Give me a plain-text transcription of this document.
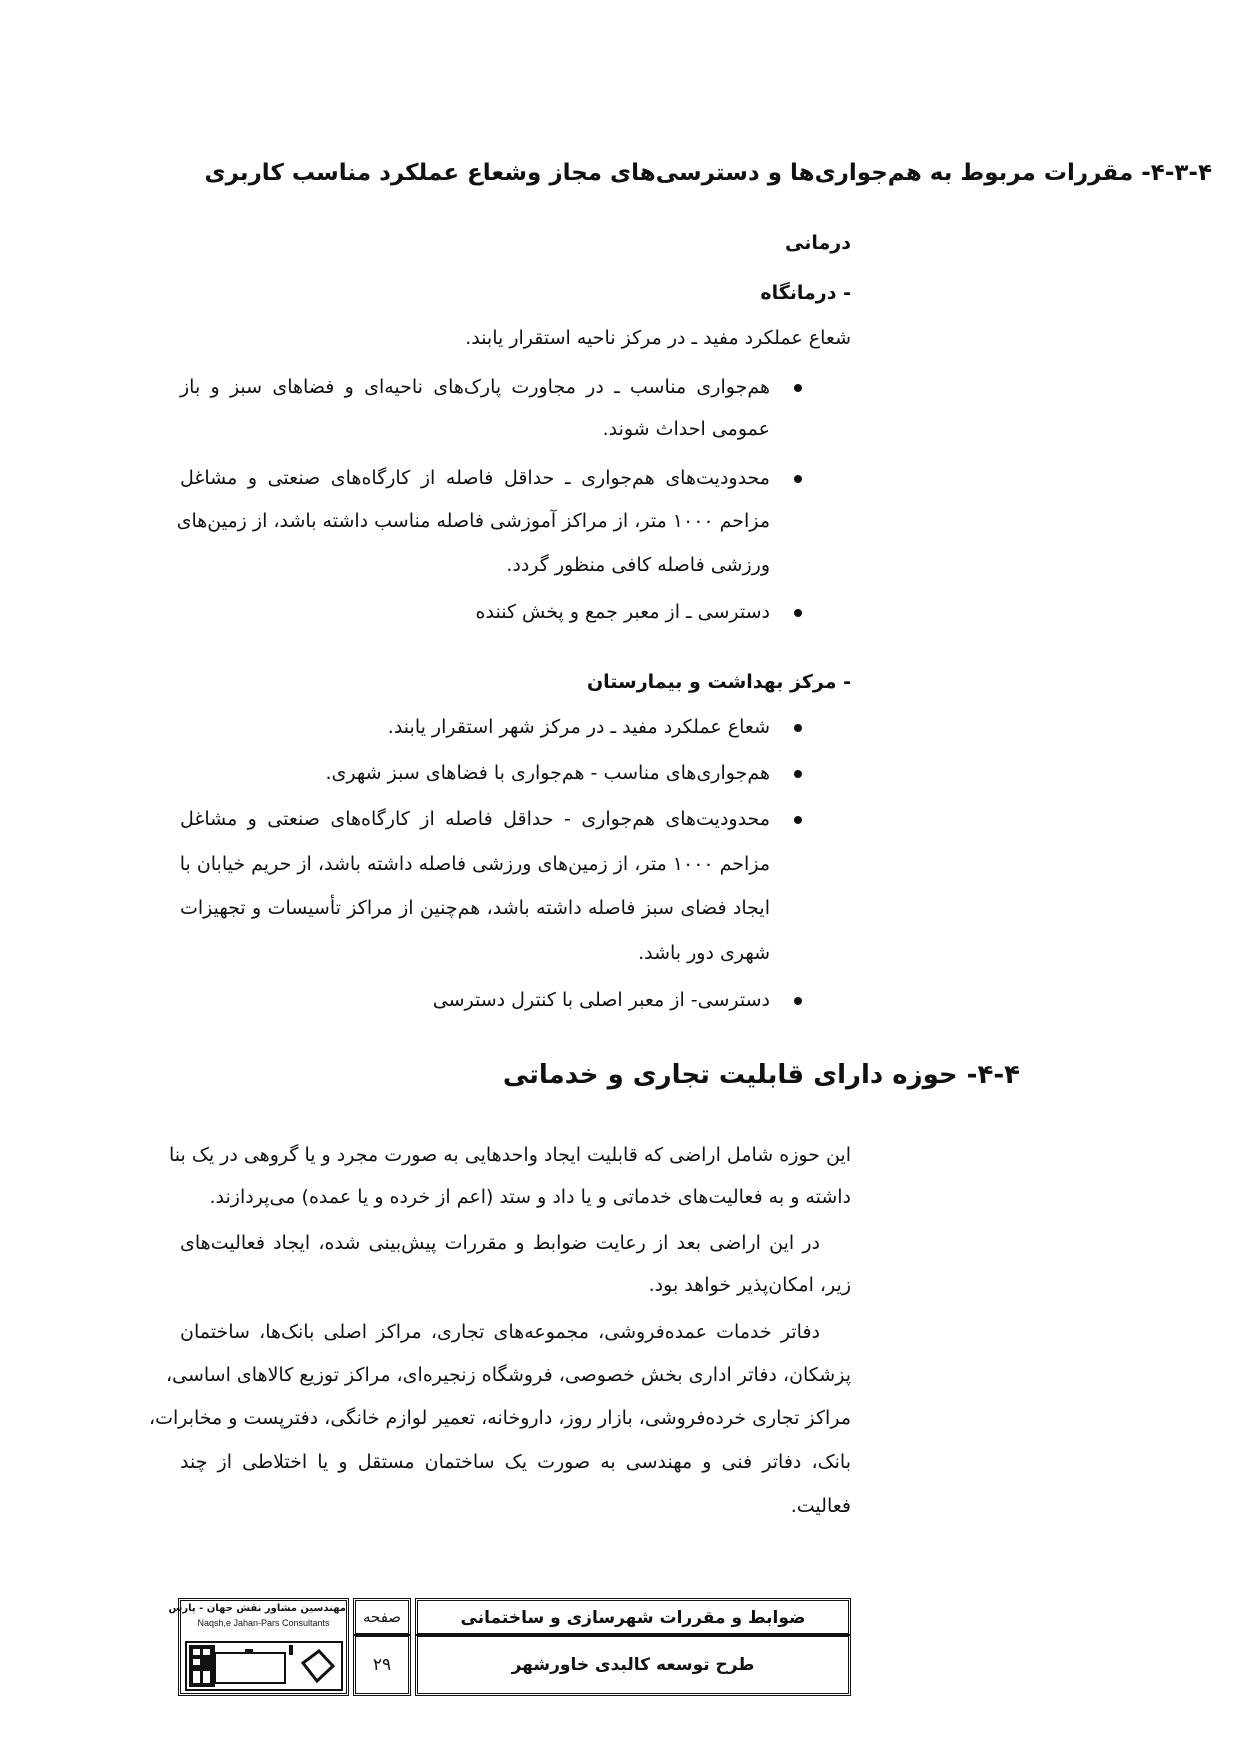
۴-۳-۴- مقررات مربوط به هم‌جواری‌ها و دسترسی‌های مجاز وشعاع عملکرد مناسب کاربری
درمانی
- درمانگاه
شعاع عملکرد مفید ـ در مرکز ناحیه استقرار یابند.
هم‌جواری مناسب ـ در مجاورت پارک‌های ناحیه‌ای و فضاهای سبز و باز
عمومی احداث شوند.
محدودیت‌های هم‌جواری ـ حداقل فاصله از کارگاه‌های صنعتی و مشاغل
مزاحم ۱۰۰۰ متر، از مراکز آموزشی فاصله مناسب داشته باشد، از زمین‌های
ورزشی فاصله کافی منظور گردد.
دسترسی ـ از معبر جمع و پخش کننده
- مرکز بهداشت و بیمارستان
شعاع عملکرد مفید ـ در مرکز شهر استقرار یابند.
هم‌جواری‌های مناسب - هم‌جواری با فضاهای سبز شهری.
محدودیت‌های هم‌جواری - حداقل فاصله از کارگاه‌های صنعتی و مشاغل
مزاحم ۱۰۰۰ متر، از زمین‌های ورزشی فاصله داشته باشد، از حریم خیابان با
ایجاد فضای سبز فاصله داشته باشد، هم‌چنین از مراکز تأسیسات و تجهیزات
شهری دور باشد.
دسترسی- از معبر اصلی با کنترل دسترسی
۴-۴- حوزه دارای قابلیت تجاری و خدماتی
این حوزه شامل اراضی که قابلیت ایجاد واحدهایی به صورت مجرد و یا گروهی در یک بنا
داشته و به فعالیت‌های خدماتی و یا داد و ستد (اعم از خرده و یا عمده) می‌پردازند.
در این اراضی بعد از رعایت ضوابط و مقررات پیش‌بینی شده، ایجاد فعالیت‌های
زیر، امکان‌پذیر خواهد بود.
دفاتر خدمات عمده‌فروشی، مجموعه‌های تجاری، مراکز اصلی بانک‌ها، ساختمان
پزشکان، دفاتر اداری بخش خصوصی، فروشگاه زنجیره‌ای، مراکز توزیع کالاهای اساسی،
مراکز تجاری خرده‌فروشی، بازار روز، داروخانه، تعمیر لوازم خانگی، دفترپست و مخابرات،
بانک، دفاتر فنی و مهندسی به صورت یک ساختمان مستقل و یا اختلاطی از چند
فعالیت.
مهندسین مشاور نقش جهان - پارس
Naqsh,e Jahan-Pars Consultants	صفحه
۲۹
ضوابط و مقررات شهرسازی و ساختمانی
طرح توسعه کالبدی خاورشهر
